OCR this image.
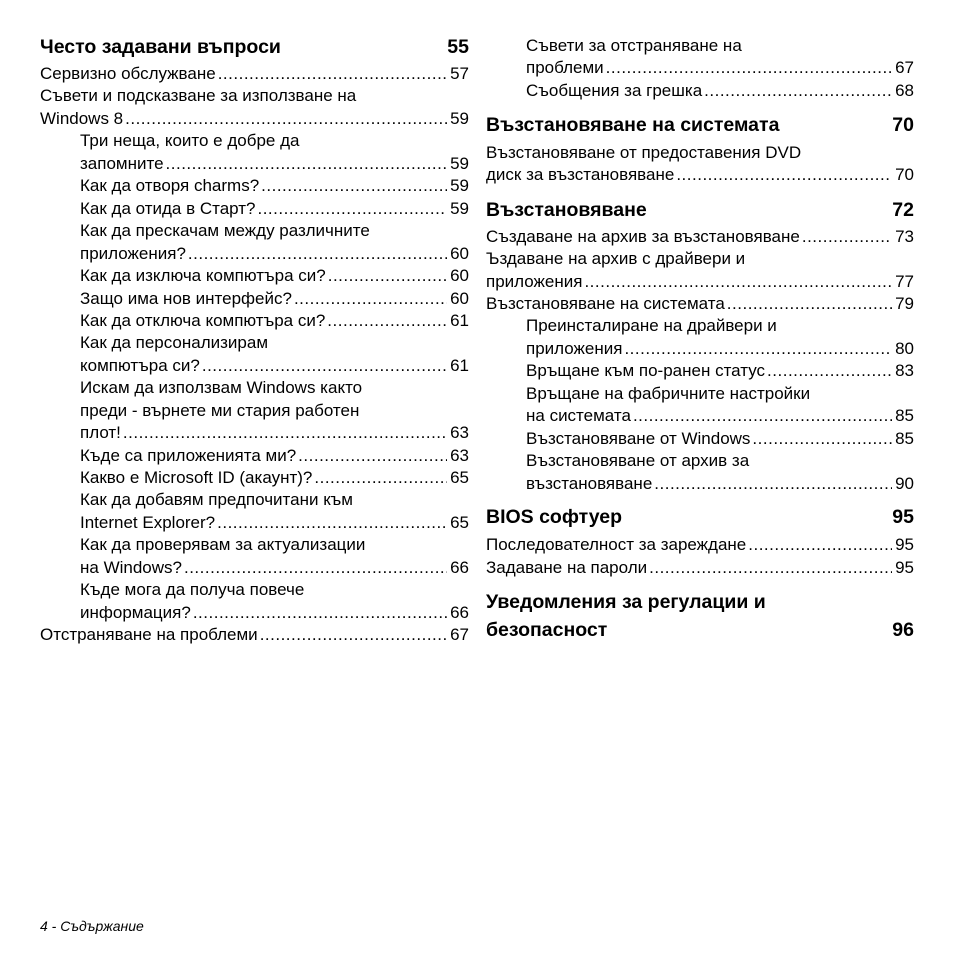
Често задавани въпроси	55
Сервизно обслужване .....	57
Съвети и подсказване за използване на
Windows 8 .....	59
Три неща, които е добре да
запомните .....	59
Как да отворя charms? .....	59
Как да отида в Старт? .....	59
Как да прескачам между различните
приложения? .....	60
Как да изключа компютъра си? .....	60
Защо има нов интерфейс? .....	60
Как да отключа компютъра си? .....	61
Как да персонализирам
компютъра си? .....	61
Искам да използвам Windows както
преди - върнете ми стария работен
плот! .....	63
Къде са приложенията ми? .....	63
Какво е Microsoft ID (акаунт)? .....	65
Как да добавям предпочитани към
Internet Explorer? .....	65
Как да проверявам за актуализации
на Windows? .....	66
Къде мога да получа повече
информация? .....	66
Отстраняване на проблеми .....	67
Съвети за отстраняване на
проблеми .....	67
Съобщения за грешка .....	68
Възстановяване на системата	70
Възстановяване от предоставения DVD
диск за възстановяване .....	70
Възстановяване	72
Създаване на архив за възстановяване .....	73
Ъздаване на архив с драйвери и
приложения .....	77
Възстановяване на системата .....	79
Преинсталиране на драйвери и
приложения .....	80
Връщане към по-ранен статус .....	83
Връщане на фабричните настройки
на системата .....	85
Възстановяване от Windows .....	85
Възстановяване от архив за
възстановяване .....	90
BIOS софтуер	95
Последователност за зареждане .....	95
Задаване на пароли .....	95
Уведомления за регулации и
безопасност	96
4 - Съдържание
